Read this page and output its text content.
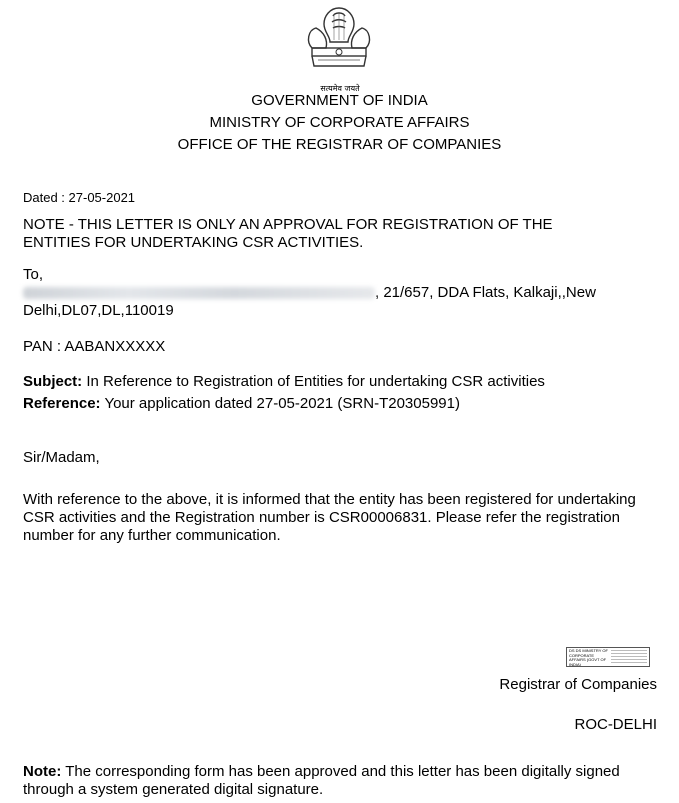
सत्यमेव जयते
GOVERNMENT OF INDIA
MINISTRY OF CORPORATE AFFAIRS
OFFICE OF THE REGISTRAR OF COMPANIES
Dated : 27-05-2021
NOTE - THIS LETTER IS ONLY AN APPROVAL FOR REGISTRATION OF THE
ENTITIES FOR UNDERTAKING CSR ACTIVITIES.
To,
, 21/657, DDA Flats, Kalkaji,,New
Delhi,DL07,DL,110019
PAN : AABANXXXXX
Subject: In Reference to Registration of Entities for undertaking CSR activities
Reference: Your application dated 27-05-2021 (SRN-T20305991)
Sir/Madam,
With reference to the above, it is informed that the entity has been registered for undertaking
CSR activities and the Registration number is CSR00006831. Please refer the registration
number for any further communication.
DS DS MINISTRY OF CORPORATE AFFAIRS (GOVT OF INDIA)
Registrar of Companies
ROC-DELHI
Note: The corresponding form has been approved and this letter has been digitally signed
through a system generated digital signature.
